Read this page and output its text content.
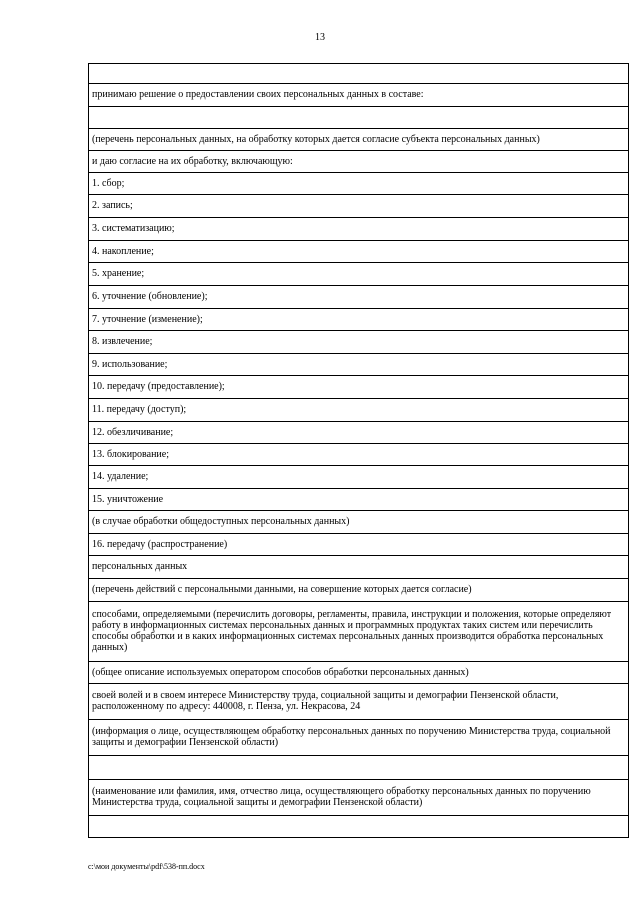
13

принимаю решение о предоставлении своих персональных данных в составе:

(перечень персональных данных, на обработку которых дается согласие субъекта персональных данных)
и даю согласие на их обработку, включающую:
1. сбор;
2. запись;
3. систематизацию;
4. накопление;
5. хранение;
6. уточнение (обновление);
7. уточнение (изменение);
8. извлечение;
9. использование;
10. передачу (предоставление);
11. передачу (доступ);
12. обезличивание;
13. блокирование;
14. удаление;
15. уничтожение
(в случае обработки общедоступных персональных данных)
16. передачу (распространение)
персональных данных
(перечень действий с персональными данными, на совершение которых дается согласие)
способами, определяемыми (перечислить договоры, регламенты, правила, инструкции и положения, которые определяют работу в информационных системах персональных данных и программных продуктах таких систем или перечислить способы обработки и в каких информационных системах персональных данных производится обработка персональных данных)
(общее описание используемых оператором способов обработки персональных данных)
своей волей и в своем интересе Министерству труда, социальной защиты и демографии Пензенской области, расположенному по адресу: 440008, г. Пенза, ул. Некрасова, 24
(информация о лице, осуществляющем обработку персональных данных по поручению Министерства труда, социальной защиты и демографии Пензенской области)

(наименование или фамилия, имя, отчество лица, осуществляющего обработку персональных данных по поручению Министерства труда, социальной защиты и демографии Пензенской области)

c:\мои документы\pdf\538-пп.docx
